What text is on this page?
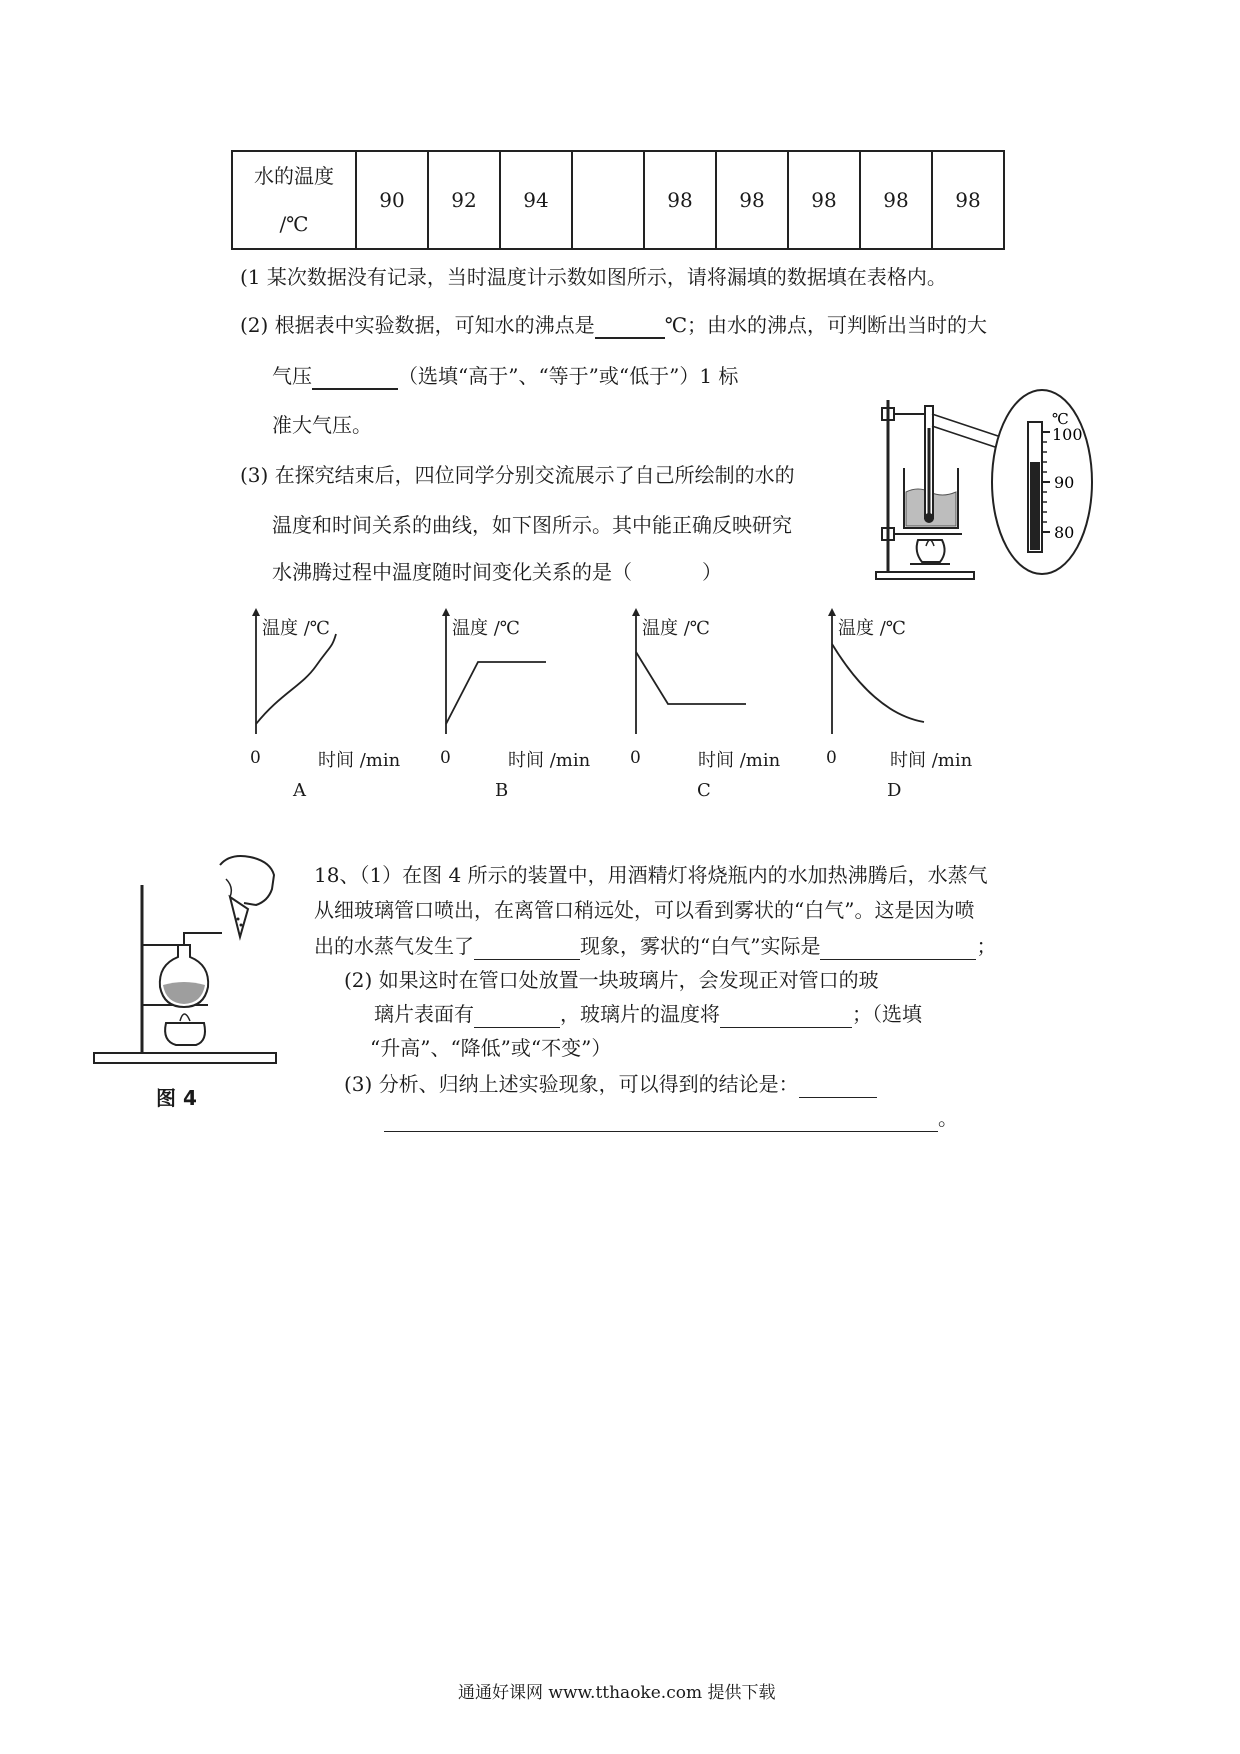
水的温度
/℃
	90	92	94		98	98	98	98	98
(1 某次数据没有记录，当时温度计示数如图所示，请将漏填的数据填在表格内。
(2) 根据表中实验数据，可知水的沸点是	℃；由水的沸点，可判断出当时的大
气压	（选填“高于”、“等于”或“低于”）1 标
准大气压。
(3) 在探究结束后，四位同学分别交流展示了自己所绘制的水的
温度和时间关系的曲线，如下图所示。其中能正确反映研究
水沸腾过程中温度随时间变化关系的是（	）
℃
100
90
80
温度 /℃	温度 /℃	温度 /℃	温度 /℃
0	0	0	0
时间 /min	时间 /min	时间 /min	时间 /min
A	B	C	D
图 4
18、（1）在图 4 所示的装置中，用酒精灯将烧瓶内的水加热沸腾后，水蒸气
从细玻璃管口喷出，在离管口稍远处，可以看到雾状的“白气”。这是因为喷
出的水蒸气发生了	现象，雾状的“白气”实际是	；
(2) 如果这时在管口处放置一块玻璃片，会发现正对管口的玻
璃片表面有	，玻璃片的温度将	；（选填
“升高”、“降低”或“不变”）
(3) 分析、归纳上述实验现象，可以得到的结论是：
。
通通好课网 www.tthaoke.com 提供下载
